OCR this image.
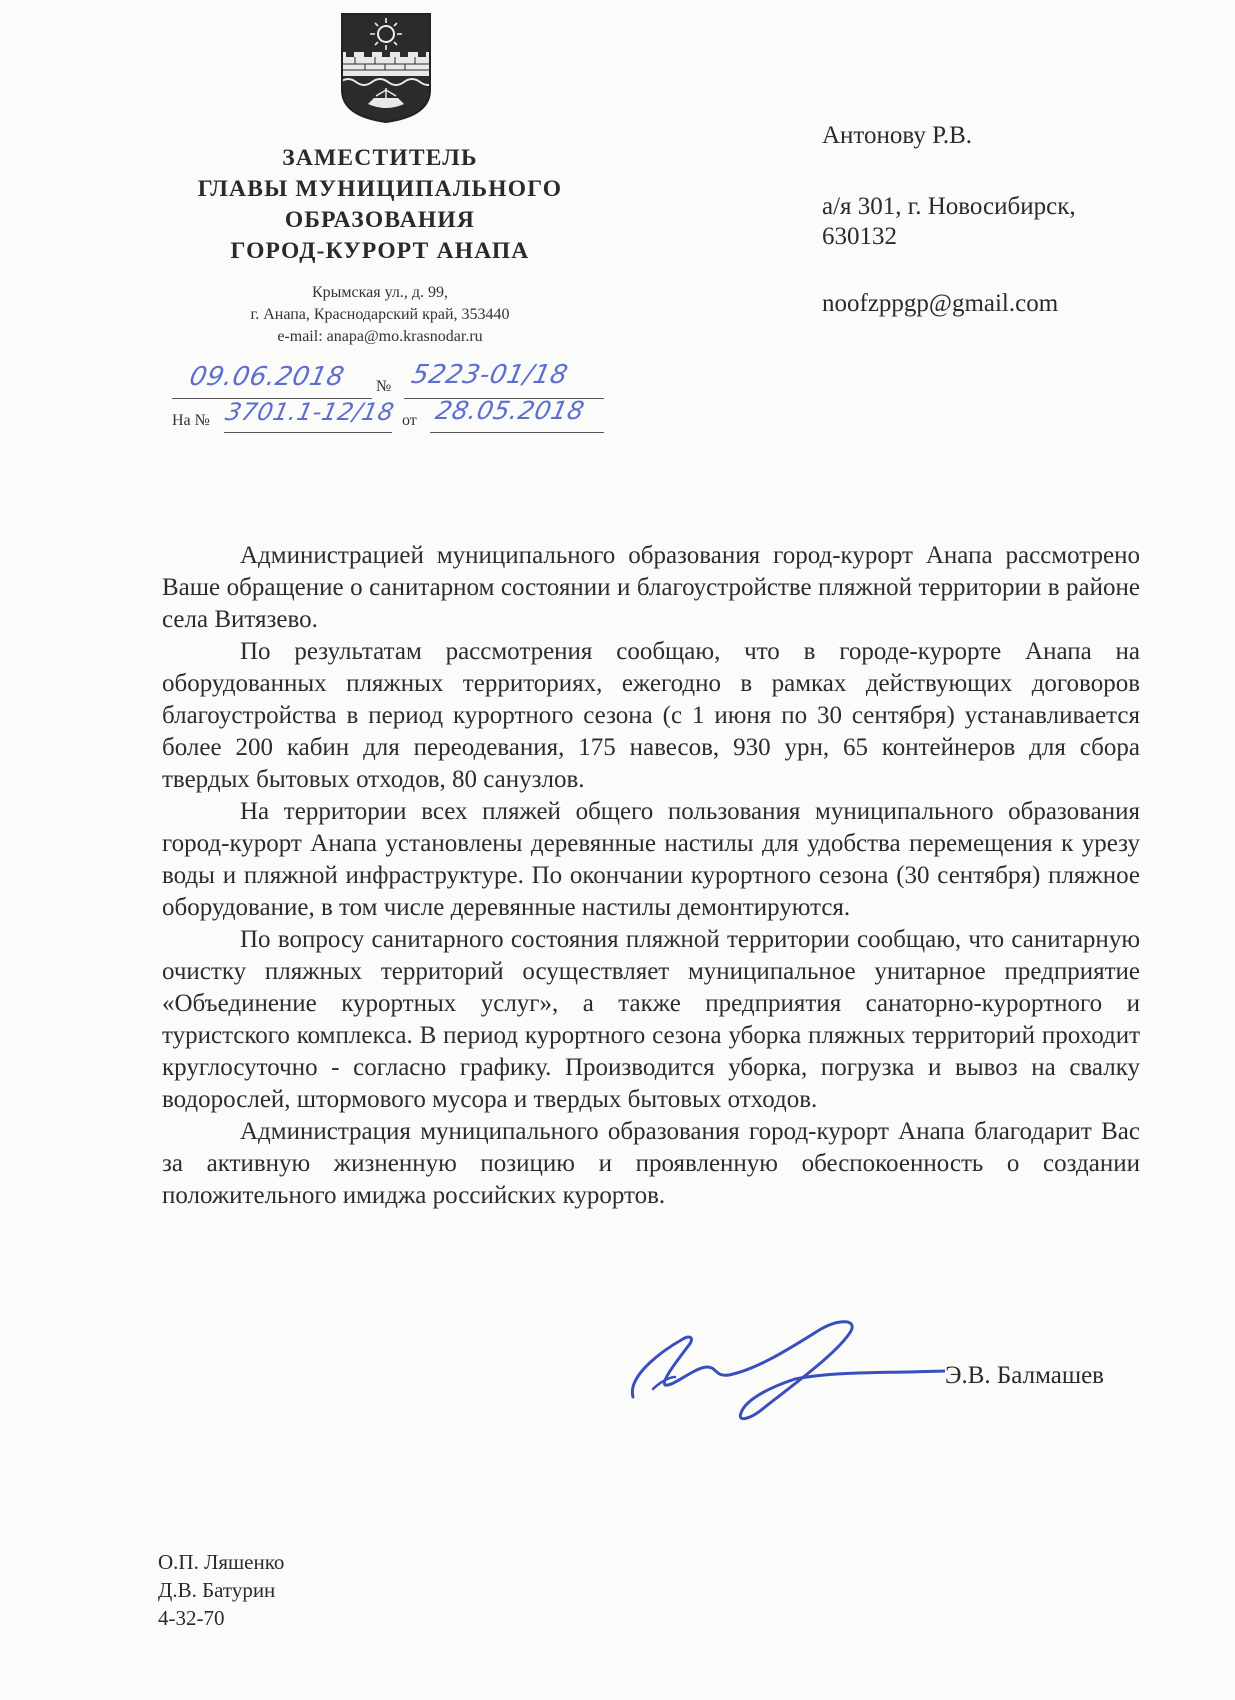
ЗАМЕСТИТЕЛЬ
ГЛАВЫ МУНИЦИПАЛЬНОГО
ОБРАЗОВАНИЯ
ГОРОД-КУРОРТ АНАПА
Крымская ул., д. 99,
г. Анапа, Краснодарский край, 353440
e-mail: anapa@mo.krasnodar.ru
09.06.2018 № 5223-01/18
На № 3701.1-12/18 от 28.05.2018
Антонову Р.В.
а/я 301, г. Новосибирск,
630132
noofzppgp@gmail.com

Администрацией муниципального образования город-курорт Анапа рассмотрено Ваше обращение о санитарном состоянии и благоустройстве пляжной территории в районе села Витязево.

По результатам рассмотрения сообщаю, что в городе-курорте Анапа на оборудованных пляжных территориях, ежегодно в рамках действующих договоров благоустройства в период курортного сезона (с 1 июня по 30 сентября) устанавливается более 200 кабин для переодевания, 175 навесов, 930 урн, 65 контейнеров для сбора твердых бытовых отходов, 80 санузлов.

На территории всех пляжей общего пользования муниципального образования город-курорт Анапа установлены деревянные настилы для удобства перемещения к урезу воды и пляжной инфраструктуре. По окончании курортного сезона (30 сентября) пляжное оборудование, в том числе деревянные настилы демонтируются.

По вопросу санитарного состояния пляжной территории сообщаю, что санитарную очистку пляжных территорий осуществляет муниципальное унитарное предприятие «Объединение курортных услуг», а также предприятия санаторно-курортного и туристского комплекса. В период курортного сезона уборка пляжных территорий проходит круглосуточно - согласно графику. Производится уборка, погрузка и вывоз на свалку водорослей, штормового мусора и твердых бытовых отходов.

Администрация муниципального образования город-курорт Анапа благодарит Вас за активную жизненную позицию и проявленную обеспокоенность о создании положительного имиджа российских курортов.

Э.В. Балмашев
О.П. Ляшенко
Д.В. Батурин
4-32-70
